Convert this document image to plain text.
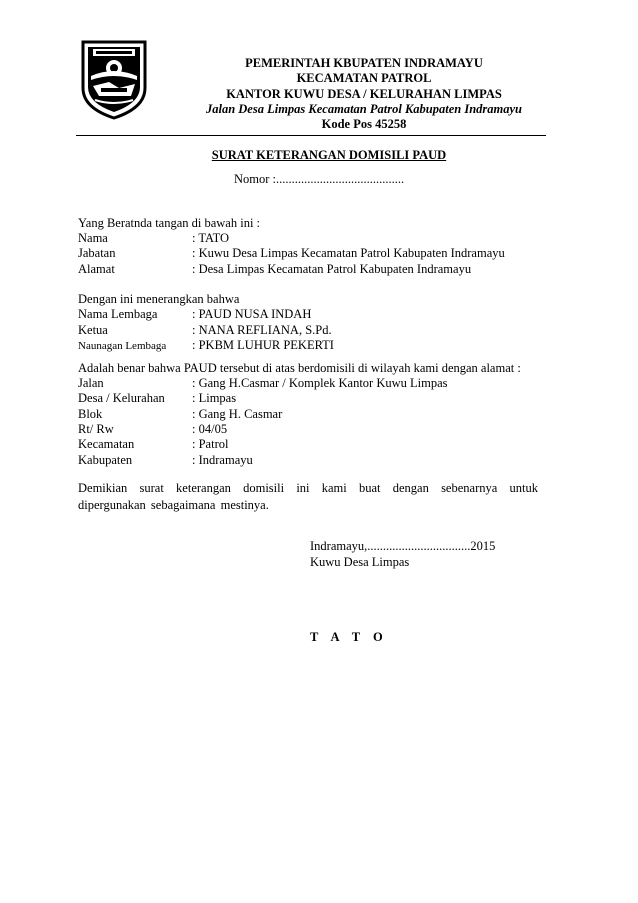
PEMERINTAH KBUPATEN INDRAMAYU
KECAMATAN PATROL
KANTOR KUWU DESA / KELURAHAN LIMPAS
Jalan Desa Limpas Kecamatan Patrol Kabupaten Indramayu
Kode Pos 45258
SURAT KETERANGAN DOMISILI PAUD
Nomor :.........................................
Yang Beratnda tangan di bawah ini :
Nama	: TATO
Jabatan	: Kuwu Desa Limpas Kecamatan Patrol Kabupaten Indramayu
Alamat	: Desa Limpas Kecamatan Patrol Kabupaten Indramayu
Dengan ini menerangkan bahwa
Nama Lembaga	: PAUD NUSA INDAH
Ketua	: NANA REFLIANA, S.Pd.
Naunagan Lembaga : PKBM LUHUR PEKERTI
Adalah benar bahwa PAUD tersebut di atas berdomisili di wilayah kami dengan alamat :
Jalan	: Gang H.Casmar / Komplek Kantor Kuwu Limpas
Desa / Kelurahan : Limpas
Blok	: Gang H. Casmar
Rt/ Rw	: 04/05
Kecamatan	: Patrol
Kabupaten	: Indramayu
Demikian surat keterangan domisili ini kami buat dengan sebenarnya untuk dipergunakan sebagaimana mestinya.
Indramayu,.................................2015
Kuwu Desa Limpas
T A T O
